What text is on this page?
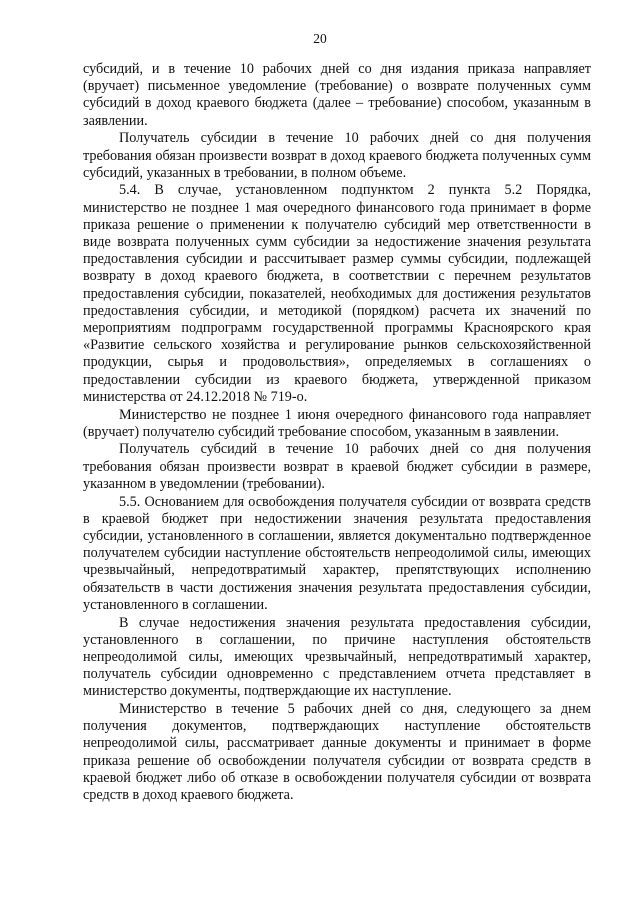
20

субсидий, и в течение 10 рабочих дней со дня издания приказа направляет (вручает) письменное уведомление (требование) о возврате полученных сумм субсидий в доход краевого бюджета (далее – требование) способом, указанным в заявлении.

Получатель субсидии в течение 10 рабочих дней со дня получения требования обязан произвести возврат в доход краевого бюджета полученных сумм субсидий, указанных в требовании, в полном объеме.

5.4. В случае, установленном подпунктом 2 пункта 5.2 Порядка, министерство не позднее 1 мая очередного финансового года принимает в форме приказа решение о применении к получателю субсидий мер ответственности в виде возврата полученных сумм субсидии за недостижение значения результата предоставления субсидии и рассчитывает размер суммы субсидии, подлежащей возврату в доход краевого бюджета, в соответствии с перечнем результатов предоставления субсидии, показателей, необходимых для достижения результатов предоставления субсидии, и методикой (порядком) расчета их значений по мероприятиям подпрограмм государственной программы Красноярского края «Развитие сельского хозяйства и регулирование рынков сельскохозяйственной продукции, сырья и продовольствия», определяемых в соглашениях о предоставлении субсидии из краевого бюджета, утвержденной приказом министерства от 24.12.2018 № 719-о.

Министерство не позднее 1 июня очередного финансового года направляет (вручает) получателю субсидий требование способом, указанным в заявлении.

Получатель субсидий в течение 10 рабочих дней со дня получения требования обязан произвести возврат в краевой бюджет субсидии в размере, указанном в уведомлении (требовании).

5.5. Основанием для освобождения получателя субсидии от возврата средств в краевой бюджет при недостижении значения результата предоставления субсидии, установленного в соглашении, является документально подтвержденное получателем субсидии наступление обстоятельств непреодолимой силы, имеющих чрезвычайный, непредотвратимый характер, препятствующих исполнению обязательств в части достижения значения результата предоставления субсидии, установленного в соглашении.

В случае недостижения значения результата предоставления субсидии, установленного в соглашении, по причине наступления обстоятельств непреодолимой силы, имеющих чрезвычайный, непредотвратимый характер, получатель субсидии одновременно с представлением отчета представляет в министерство документы, подтверждающие их наступление.

Министерство в течение 5 рабочих дней со дня, следующего за днем получения документов, подтверждающих наступление обстоятельств непреодолимой силы, рассматривает данные документы и принимает в форме приказа решение об освобождении получателя субсидии от возврата средств в краевой бюджет либо об отказе в освобождении получателя субсидии от возврата средств в доход краевого бюджета.
